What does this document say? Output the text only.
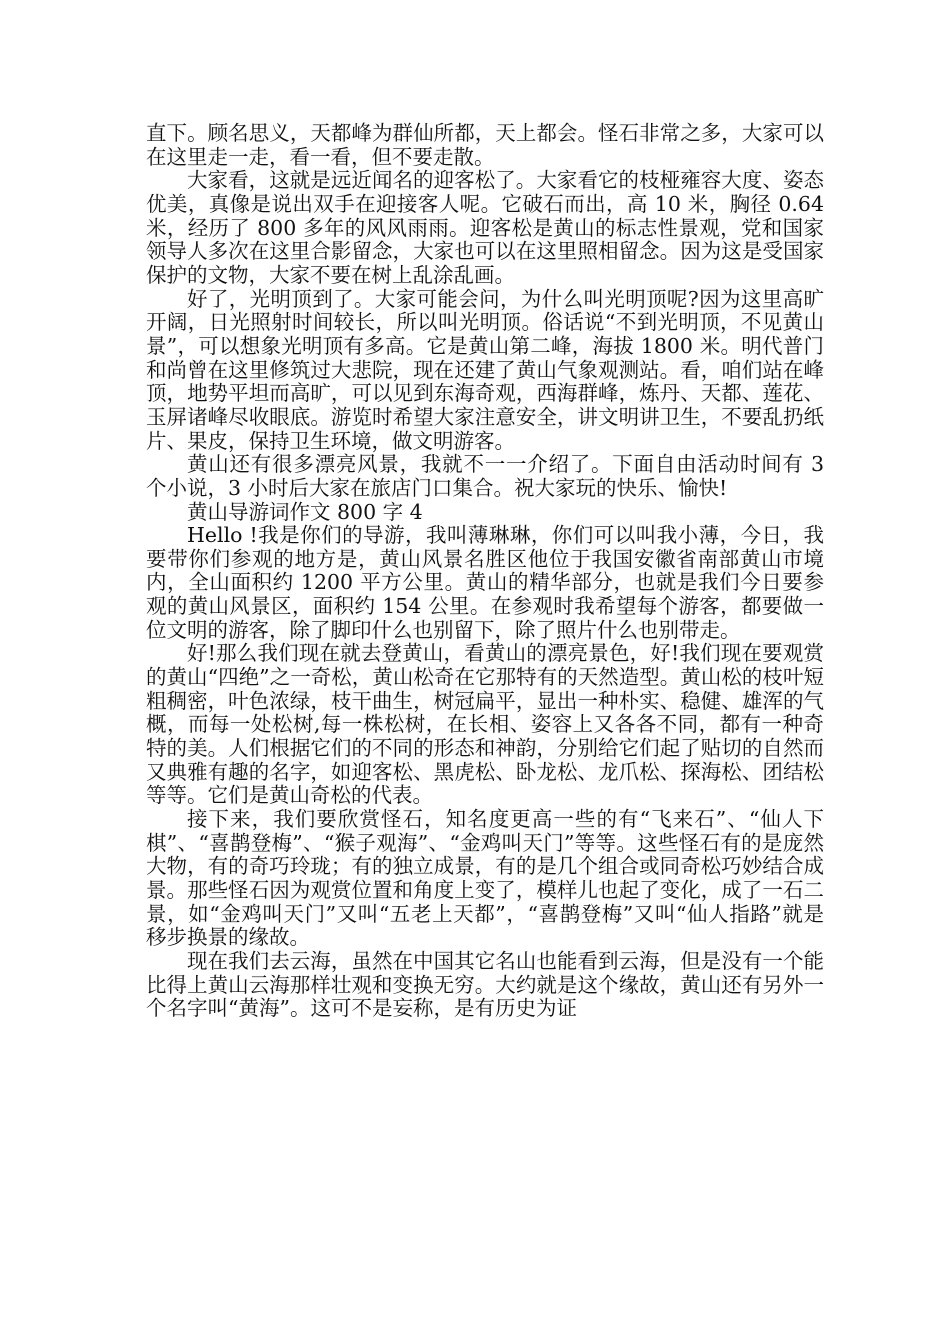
直下。顾名思义，天都峰为群仙所都，天上都会。怪石非常之多，大家可以在这里走一走，看一看，但不要走散。

大家看，这就是远近闻名的迎客松了。大家看它的枝桠雍容大度、姿态优美，真像是说出双手在迎接客人呢。它破石而出，高 10 米，胸径 0.64 米，经历了 800 多年的风风雨雨。迎客松是黄山的标志性景观，党和国家领导人多次在这里合影留念，大家也可以在这里照相留念。因为这是受国家保护的文物，大家不要在树上乱涂乱画。

好了，光明顶到了。大家可能会问，为什么叫光明顶呢?因为这里高旷开阔，日光照射时间较长，所以叫光明顶。俗话说“不到光明顶，不见黄山景”，可以想象光明顶有多高。它是黄山第二峰，海拔 1800 米。明代普门和尚曾在这里修筑过大悲院，现在还建了黄山气象观测站。看，咱们站在峰顶，地势平坦而高旷，可以见到东海奇观，西海群峰，炼丹、天都、莲花、玉屏诸峰尽收眼底。游览时希望大家注意安全，讲文明讲卫生，不要乱扔纸片、果皮，保持卫生环境，做文明游客。

黄山还有很多漂亮风景，我就不一一介绍了。下面自由活动时间有 3 个小说，3 小时后大家在旅店门口集合。祝大家玩的快乐、愉快!

黄山导游词作文 800 字 4

Hello !我是你们的导游，我叫薄琳琳，你们可以叫我小薄，今日，我要带你们参观的地方是，黄山风景名胜区他位于我国安徽省南部黄山市境内，全山面积约 1200 平方公里。黄山的精华部分，也就是我们今日要参观的黄山风景区，面积约 154 公里。在参观时我希望每个游客，都要做一位文明的游客，除了脚印什么也别留下，除了照片什么也别带走。

好!那么我们现在就去登黄山，看黄山的漂亮景色，好!我们现在要观赏的黄山“四绝”之一奇松，黄山松奇在它那特有的天然造型。黄山松的枝叶短粗稠密，叶色浓绿，枝干曲生，树冠扁平，显出一种朴实、稳健、雄浑的气概，而每一处松树,每一株松树，在长相、姿容上又各各不同，都有一种奇特的美。人们根据它们的不同的形态和神韵，分别给它们起了贴切的自然而又典雅有趣的名字，如迎客松、黑虎松、卧龙松、龙爪松、探海松、团结松等等。它们是黄山奇松的代表。

接下来，我们要欣赏怪石，知名度更高一些的有“飞来石”、“仙人下棋”、“喜鹊登梅”、“猴子观海”、“金鸡叫天门”等等。这些怪石有的是庞然大物，有的奇巧玲珑；有的独立成景，有的是几个组合或同奇松巧妙结合成景。那些怪石因为观赏位置和角度上变了，模样儿也起了变化，成了一石二景，如“金鸡叫天门”又叫“五老上天都”，“喜鹊登梅”又叫“仙人指路”就是移步换景的缘故。

现在我们去云海，虽然在中国其它名山也能看到云海，但是没有一个能比得上黄山云海那样壮观和变换无穷。大约就是这个缘故，黄山还有另外一个名字叫“黄海”。这可不是妄称，是有历史为证
